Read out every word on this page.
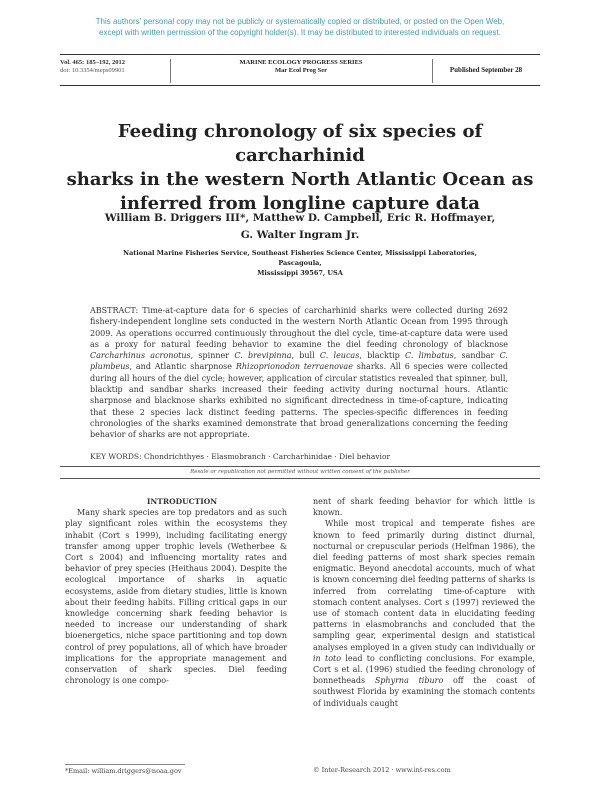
This authors' personal copy may not be publicly or systematically copied or distributed, or posted on the Open Web,
except with written permission of the copyright holder(s). It may be distributed to interested individuals on request.
Vol. 465: 185–192, 2012
doi: 10.3354/meps09901
MARINE ECOLOGY PROGRESS SERIES
Mar Ecol Prog Ser	Published September 28
Feeding chronology of six species of carcharhinid
sharks in the western North Atlantic Ocean as
inferred from longline capture data
William B. Driggers III*, Matthew D. Campbell, Eric R. Hoffmayer,
G. Walter Ingram Jr.
National Marine Fisheries Service, Southeast Fisheries Science Center, Mississippi Laboratories, Pascagoula,
Mississippi 39567, USA
ABSTRACT: Time-at-capture data for 6 species of carcharhinid sharks were collected during 2692 fishery-independent longline sets conducted in the western North Atlantic Ocean from 1995 through 2009. As operations occurred continuously throughout the diel cycle, time-at-capture data were used as a proxy for natural feeding behavior to examine the diel feeding chronology of blacknose Carcharhinus acronotus, spinner C. brevipinna, bull C. leucas, blacktip C. limbatus, sandbar C. plumbeus, and Atlantic sharpnose Rhizoprionodon terraenovae sharks. All 6 species were collected during all hours of the diel cycle; however, application of circular statistics revealed that spinner, bull, blacktip and sandbar sharks increased their feeding activity during nocturnal hours. Atlantic sharpnose and blacknose sharks exhibited no significant directedness in time-of-capture, indicating that these 2 species lack distinct feeding patterns. The species-specific differences in feeding chronologies of the sharks examined demonstrate that broad generalizations concerning the feeding behavior of sharks are not appropriate.
KEY WORDS: Chondrichthyes · Elasmobranch · Carcharhinidae · Diel behavior
Resale or republication not permitted without written consent of the publisher

INTRODUCTION

Many shark species are top predators and as such play significant roles within the ecosystems they inhabit (Cort s 1999), including facilitating energy transfer among upper trophic levels (Wetherbee & Cort s 2004) and influencing mortality rates and behavior of prey species (Heithaus 2004). Despite the ecological importance of sharks in aquatic ecosystems, aside from dietary studies, little is known about their feeding habits. Filling critical gaps in our knowledge concerning shark feeding behavior is needed to increase our understanding of shark bioenergetics, niche space partitioning and top down control of prey populations, all of which have broader implications for the appropriate management and conservation of shark species. Diel feeding chronology is one compo-

nent of shark feeding behavior for which little is known.

While most tropical and temperate fishes are known to feed primarily during distinct diurnal, nocturnal or crepuscular periods (Helfman 1986), the diel feeding patterns of most shark species remain enigmatic. Beyond anecdotal accounts, much of what is known concerning diel feeding patterns of sharks is inferred from correlating time-of-capture with stomach content analyses. Cort s (1997) reviewed the use of stomach content data in elucidating feeding patterns in elasmobranchs and concluded that the sampling gear, experimental design and statistical analyses employed in a given study can individually or in toto lead to conflicting conclusions. For example, Cort s et al. (1996) studied the feeding chronology of bonnetheads Sphyrna tiburo off the coast of southwest Florida by examining the stomach contents of individuals caught

*Email: william.driggers@noaa.gov	© Inter-Research 2012 · www.int-res.com
